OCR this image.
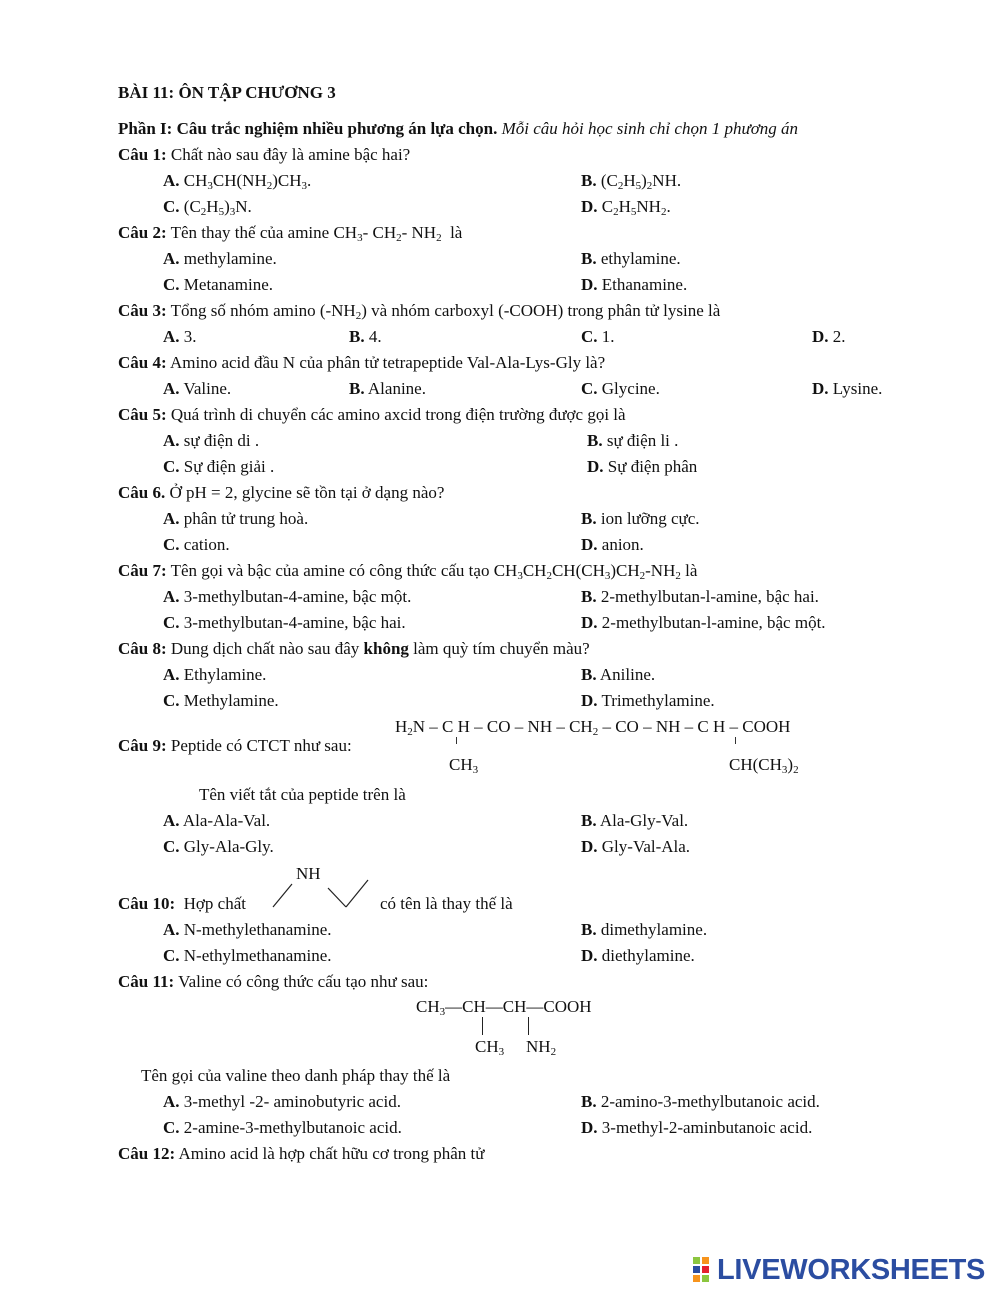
BÀI 11: ÔN TẬP CHƯƠNG 3
Phần I: Câu trắc nghiệm nhiều phương án lựa chọn. Mỗi câu hỏi học sinh chỉ chọn 1 phương án
Câu 1: Chất nào sau đây là amine bậc hai?
A. $CH_3CH(NH_2)CH_3$.	B. $(C_2H_5)_2NH$.
C. $(C_2H_5)_3N$.	D. $C_2H_5NH_2$.
Câu 2: Tên thay thế của amine $CH_3-$ $CH_2-$ $NH_2$  là
A. methylamine.	B. ethylamine.
C. Metanamine.	D. Ethanamine.
Câu 3: Tổng số nhóm amino $(-NH_2)$ và nhóm carboxyl (-COOH) trong phân tử lysine là
A. 3.	B. 4.	C. 1.	D. 2.
Câu 4: Amino acid đầu N của phân tử tetrapeptide Val-Ala-Lys-Gly là?
A. Valine.	B. Alanine.	C. Glycine.	D. Lysine.
Câu 5: Quá trình di chuyển các amino axcid trong điện trường được gọi là
A. sự điện di .	B. sự điện li .
C. Sự điện giải .	D. Sự điện phân
Câu 6. Ở pH = 2, glycine sẽ tồn tại ở dạng nào?
A. phân tử trung hoà.	B. ion lưỡng cực.
C. cation.	D. anion.
Câu 7: Tên gọi và bậc của amine có công thức cấu tạo $CH_3CH_2CH(CH_3)CH_2-NH_2$ là
A. 3-methylbutan-4-amine, bậc một.	B. 2-methylbutan-l-amine, bậc hai.
C. 3-methylbutan-4-amine, bậc hai.	D. 2-methylbutan-l-amine, bậc một.
Câu 8: Dung dịch chất nào sau đây không làm quỳ tím chuyển màu?
A. Ethylamine.	B. Aniline.
C. Methylamine.	D. Trimethylamine.
Câu 9: Peptide có CTCT như sau:
$H_2N$ – C H – CO – NH – $CH_2$ – CO – NH – C H – COOH
$CH_3$	$CH(CH_3)_2$
Tên viết tắt của peptide trên là
A. Ala-Ala-Val.	B. Ala-Gly-Val.
C. Gly-Ala-Gly.	D. Gly-Val-Ala.
Câu 10: Hợp chất
NH
có tên là thay thế là
A. N-methylethanamine.	B. dimethylamine.
C. N-ethylmethanamine.	D. diethylamine.
Câu 11: Valine có công thức cấu tạo như sau:
$CH_3—CH—CH—COOH$
$CH_3$ $NH_2$
Tên gọi của valine theo danh pháp thay thế là
A. 3-methyl -2- aminobutyric acid.	B. 2-amino-3-methylbutanoic acid.
C. 2-amine-3-methylbutanoic acid.	D. 3-methyl-2-aminbutanoic acid.
Câu 12: Amino acid là hợp chất hữu cơ trong phân tử
LIVEWORKSHEETS
